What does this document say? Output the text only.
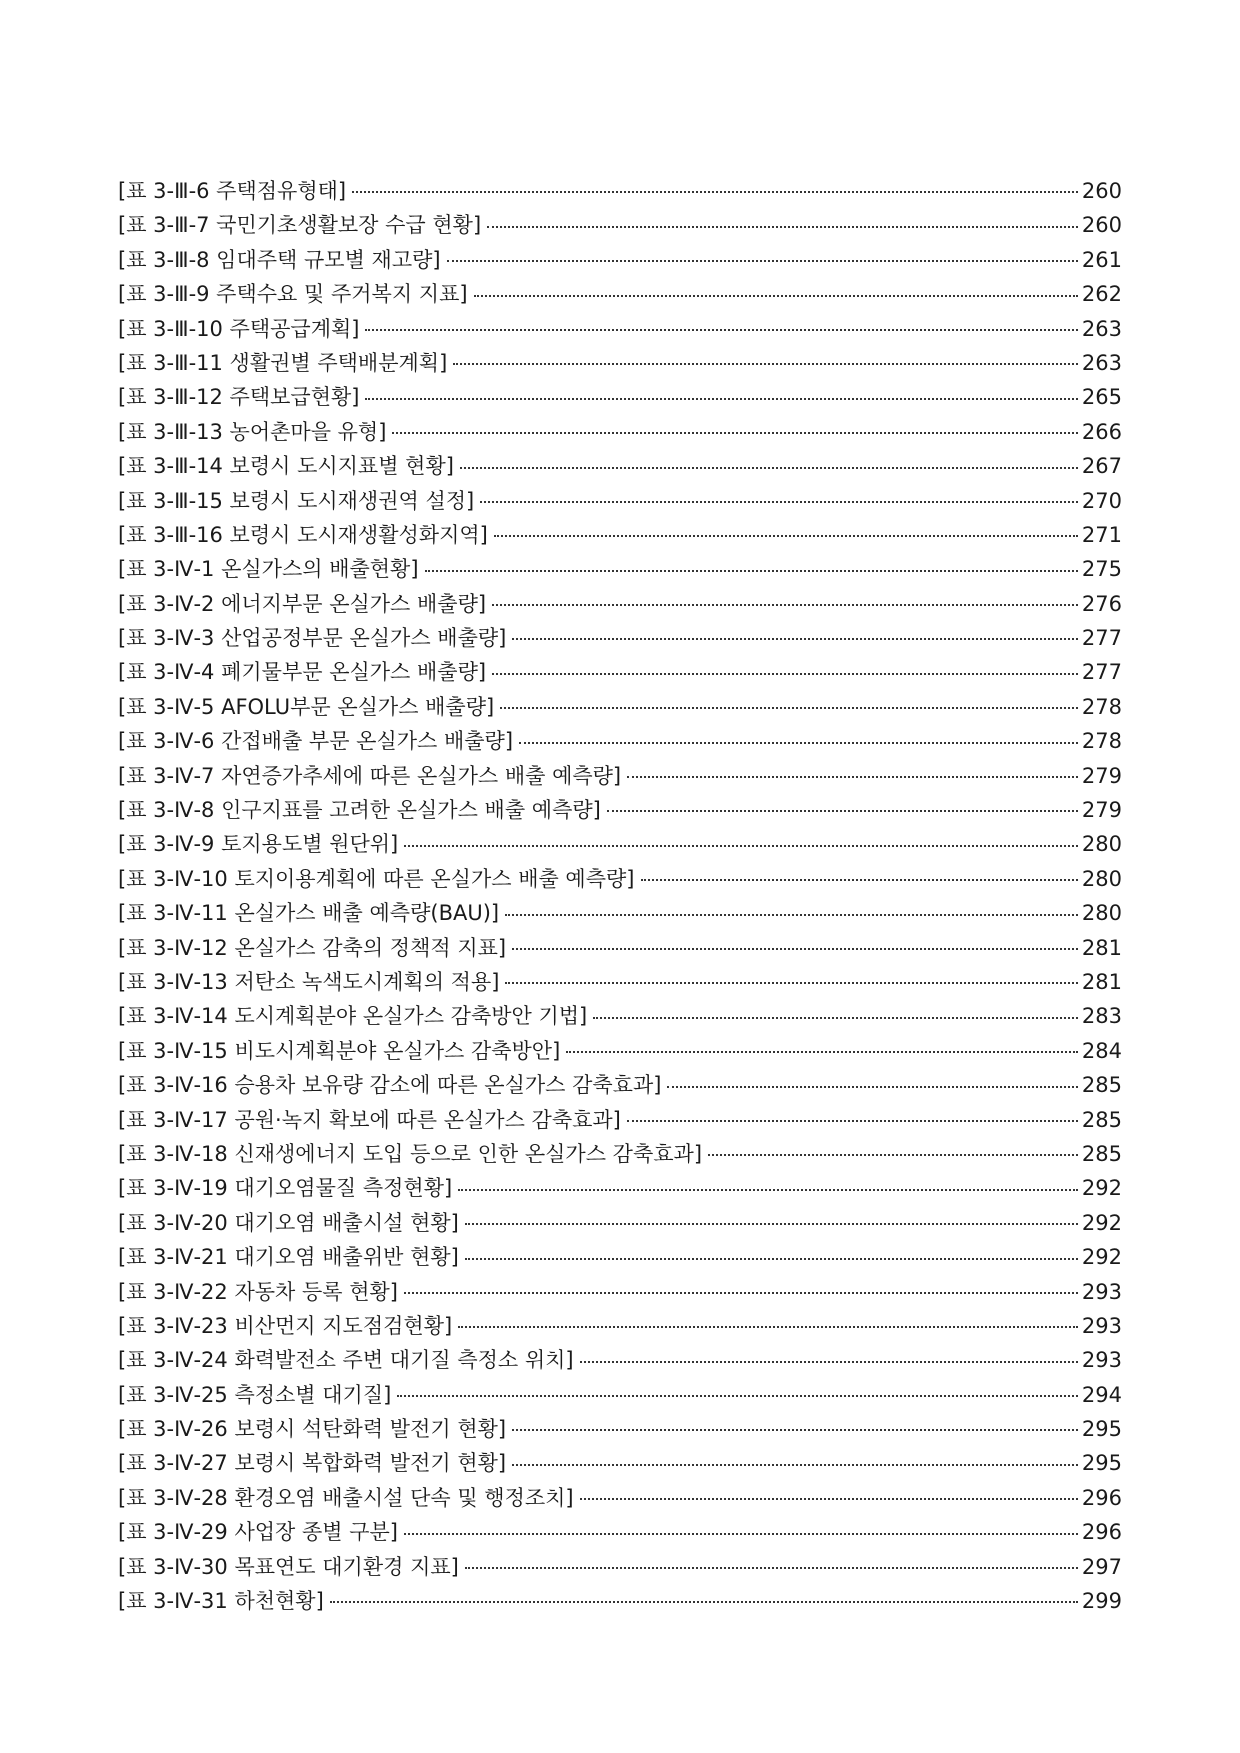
[표 3-Ⅲ-6 주택점유형태]	260
[표 3-Ⅲ-7 국민기초생활보장 수급 현황]	260
[표 3-Ⅲ-8 임대주택 규모별 재고량]	261
[표 3-Ⅲ-9 주택수요 및 주거복지 지표]	262
[표 3-Ⅲ-10 주택공급계획]	263
[표 3-Ⅲ-11 생활권별 주택배분계획]	263
[표 3-Ⅲ-12 주택보급현황]	265
[표 3-Ⅲ-13 농어촌마을 유형]	266
[표 3-Ⅲ-14 보령시 도시지표별 현황]	267
[표 3-Ⅲ-15 보령시 도시재생권역 설정]	270
[표 3-Ⅲ-16 보령시 도시재생활성화지역]	271
[표 3-Ⅳ-1 온실가스의 배출현황]	275
[표 3-Ⅳ-2 에너지부문 온실가스 배출량]	276
[표 3-Ⅳ-3 산업공정부문 온실가스 배출량]	277
[표 3-Ⅳ-4 폐기물부문 온실가스 배출량]	277
[표 3-Ⅳ-5 AFOLU부문 온실가스 배출량]	278
[표 3-Ⅳ-6 간접배출 부문 온실가스 배출량]	278
[표 3-Ⅳ-7 자연증가추세에 따른 온실가스 배출 예측량]	279
[표 3-Ⅳ-8 인구지표를 고려한 온실가스 배출 예측량]	279
[표 3-Ⅳ-9 토지용도별 원단위]	280
[표 3-Ⅳ-10 토지이용계획에 따른 온실가스 배출 예측량]	280
[표 3-Ⅳ-11 온실가스 배출 예측량(BAU)]	280
[표 3-Ⅳ-12 온실가스 감축의 정책적 지표]	281
[표 3-Ⅳ-13 저탄소 녹색도시계획의 적용]	281
[표 3-Ⅳ-14 도시계획분야 온실가스 감축방안 기법]	283
[표 3-Ⅳ-15 비도시계획분야 온실가스 감축방안]	284
[표 3-Ⅳ-16 승용차 보유량 감소에 따른 온실가스 감축효과]	285
[표 3-Ⅳ-17 공원·녹지 확보에 따른 온실가스 감축효과]	285
[표 3-Ⅳ-18 신재생에너지 도입 등으로 인한 온실가스 감축효과]	285
[표 3-Ⅳ-19 대기오염물질 측정현황]	292
[표 3-Ⅳ-20 대기오염 배출시설 현황]	292
[표 3-Ⅳ-21 대기오염 배출위반 현황]	292
[표 3-Ⅳ-22 자동차 등록 현황]	293
[표 3-Ⅳ-23 비산먼지 지도점검현황]	293
[표 3-Ⅳ-24 화력발전소 주변 대기질 측정소 위치]	293
[표 3-Ⅳ-25 측정소별 대기질]	294
[표 3-Ⅳ-26 보령시 석탄화력 발전기 현황]	295
[표 3-Ⅳ-27 보령시 복합화력 발전기 현황]	295
[표 3-Ⅳ-28 환경오염 배출시설 단속 및 행정조치]	296
[표 3-Ⅳ-29 사업장 종별 구분]	296
[표 3-Ⅳ-30 목표연도 대기환경 지표]	297
[표 3-Ⅳ-31 하천현황]	299
